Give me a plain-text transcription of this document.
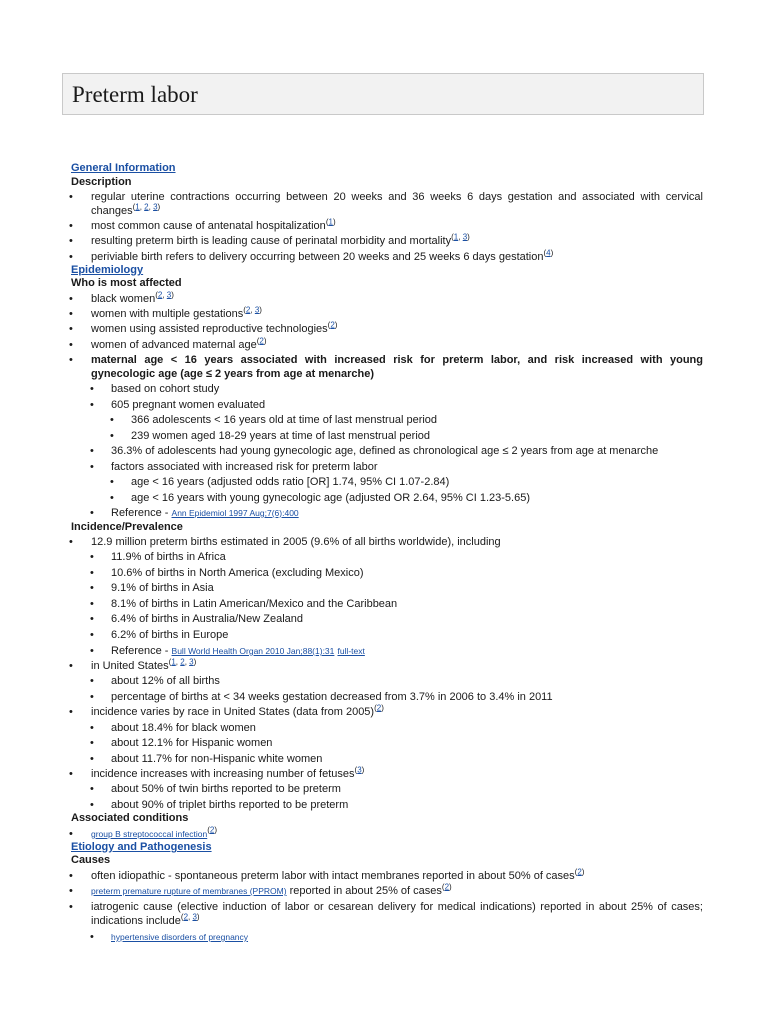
Preterm labor
General Information
Description
• regular uterine contractions occurring between 20 weeks and 36 weeks 6 days gestation and associated with cervical
changes$^{(1, 2, 3)}$
• most common cause of antenatal hospitalization$^{(1)}$
• resulting preterm birth is leading cause of perinatal morbidity and mortality$^{(1, 3)}$
• periviable birth refers to delivery occurring between 20 weeks and 25 weeks 6 days gestation$^{(4)}$
Epidemiology
Who is most affected
• black women$^{(2, 3)}$
• women with multiple gestations$^{(2, 3)}$
• women using assisted reproductive technologies$^{(2)}$
• women of advanced maternal age$^{(2)}$
• maternal age < 16 years associated with increased risk for preterm labor, and risk increased with young
gynecologic age (age ≤ 2 years from age at menarche)
• based on cohort study
• 605 pregnant women evaluated
• 366 adolescents < 16 years old at time of last menstrual period
• 239 women aged 18-29 years at time of last menstrual period
• 36.3% of adolescents had young gynecologic age, defined as chronological age ≤ 2 years from age at menarche
• factors associated with increased risk for preterm labor
• age < 16 years (adjusted odds ratio [OR] 1.74, 95% CI 1.07-2.84)
• age < 16 years with young gynecologic age (adjusted OR 2.64, 95% CI 1.23-5.65)
• Reference - Ann Epidemiol 1997 Aug;7(6):400
Incidence/Prevalence
• 12.9 million preterm births estimated in 2005 (9.6% of all births worldwide), including
• 11.9% of births in Africa
• 10.6% of births in North America (excluding Mexico)
• 9.1% of births in Asia
• 8.1% of births in Latin American/Mexico and the Caribbean
• 6.4% of births in Australia/New Zealand
• 6.2% of births in Europe
• Reference - Bull World Health Organ 2010 Jan;88(1):31 full-text
• in United States$^{(1, 2, 3)}$
• about 12% of all births
• percentage of births at < 34 weeks gestation decreased from 3.7% in 2006 to 3.4% in 2011
• incidence varies by race in United States (data from 2005)$^{(2)}$
• about 18.4% for black women
• about 12.1% for Hispanic women
• about 11.7% for non-Hispanic white women
• incidence increases with increasing number of fetuses$^{(3)}$
• about 50% of twin births reported to be preterm
• about 90% of triplet births reported to be preterm
Associated conditions
• group B streptococcal infection$^{(2)}$
Etiology and Pathogenesis
Causes
• often idiopathic - spontaneous preterm labor with intact membranes reported in about 50% of cases$^{(2)}$
• preterm premature rupture of membranes (PPROM) reported in about 25% of cases$^{(2)}$
• iatrogenic cause (elective induction of labor or cesarean delivery for medical indications) reported in about 25% of cases;
indications include$^{(2, 3)}$
• hypertensive disorders of pregnancy
